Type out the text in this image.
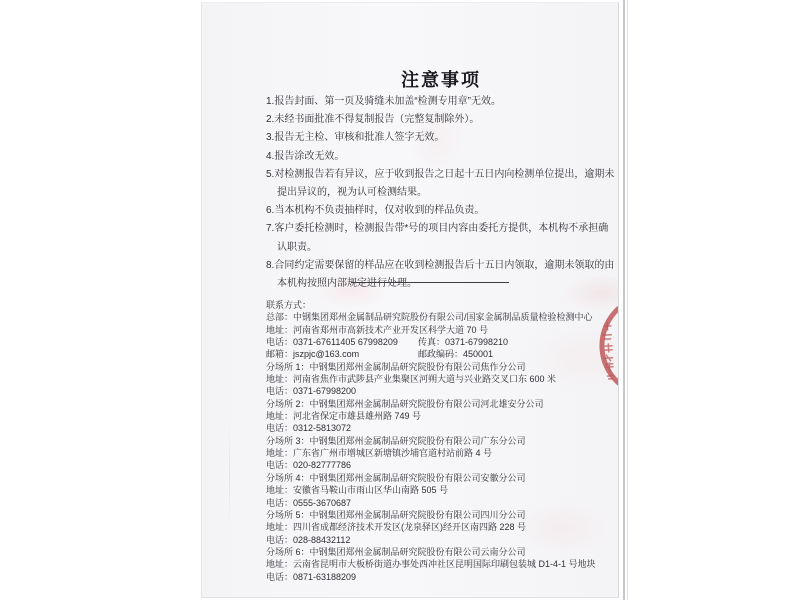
注意事项
1.报告封面、第一页及骑缝未加盖“检测专用章”无效。
2.未经书面批准不得复制报告（完整复制除外）。
3.报告无主检、审核和批准人签字无效。
4.报告涂改无效。
5.对检测报告若有异议，应于收到报告之日起十五日内向检测单位提出，逾期未提出异议的，视为认可检测结果。
6.当本机构不负责抽样时，仅对收到的样品负责。
7.客户委托检测时，检测报告带*号的项目内容由委托方提供，本机构不承担确认职责。
8.合同约定需要保留的样品应在收到检测报告后十五日内领取，逾期未领取的由本机构按照内部规定进行处理。
联系方式：
总部：中钢集团郑州金属制品研究院股份有限公司/国家金属制品质量检验检测中心
地址：河南省郑州市高新技术产业开发区科学大道 70 号
电话：0371-67611405 67998209 传真：0371-67998210
邮箱：jszpjc@163.com	邮政编码：450001
分场所 1：中钢集团郑州金属制品研究院股份有限公司焦作分公司
地址：河南省焦作市武陟县产业集聚区河朔大道与兴业路交叉口东 600 米
电话：0371-67998200
分场所 2：中钢集团郑州金属制品研究院股份有限公司河北雄安分公司
地址：河北省保定市雄县雄州路 749 号
电话：0312-5813072
分场所 3：中钢集团郑州金属制品研究院股份有限公司广东分公司
地址：广东省广州市增城区新塘镇沙埔官道村站前路 4 号
电话：020-82777786
分场所 4：中钢集团郑州金属制品研究院股份有限公司安徽分公司
地址：安徽省马鞍山市雨山区华山南路 505 号
电话：0555-3670687
分场所 5：中钢集团郑州金属制品研究院股份有限公司四川分公司
地址：四川省成都经济技术开发区(龙泉驿区)经开区南四路 228 号
电话：028-88432112
分场所 6：中钢集团郑州金属制品研究院股份有限公司云南分公司
地址：云南省昆明市大板桥街道办事处西冲社区昆明国际印刷包装城 D1-4-1 号地块
电话：0871-63188209
